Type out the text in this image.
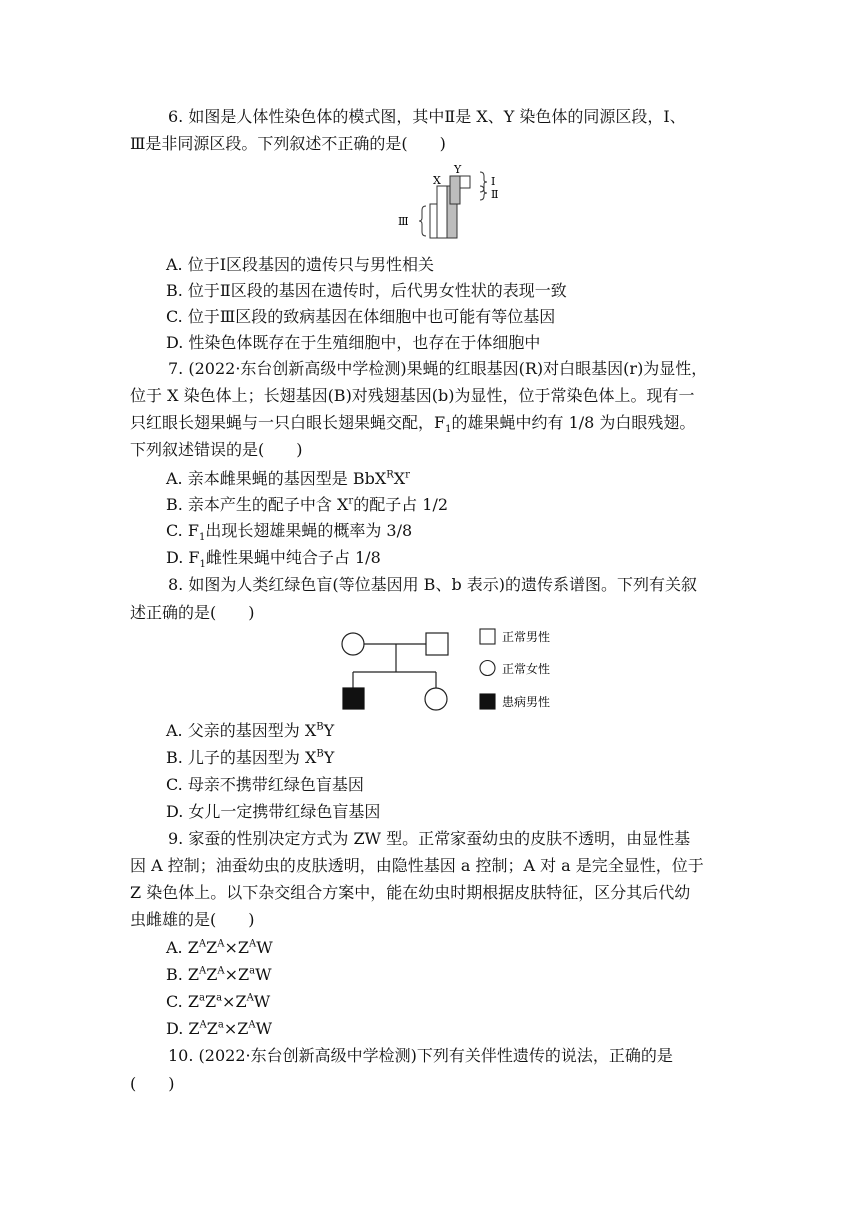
6. 如图是人体性染色体的模式图，其中Ⅱ是 X、Y 染色体的同源区段，Ⅰ、
Ⅲ是非同源区段。下列叙述不正确的是(　　)
X
Y
Ⅰ
Ⅱ
Ⅲ
A. 位于Ⅰ区段基因的遗传只与男性相关
B. 位于Ⅱ区段的基因在遗传时，后代男女性状的表现一致
C. 位于Ⅲ区段的致病基因在体细胞中也可能有等位基因
D. 性染色体既存在于生殖细胞中，也存在于体细胞中
7. (2022·东台创新高级中学检测)果蝇的红眼基因(R)对白眼基因(r)为显性，
位于 X 染色体上；长翅基因(B)对残翅基因(b)为显性，位于常染色体上。现有一
只红眼长翅果蝇与一只白眼长翅果蝇交配，$F_1$的雄果蝇中约有 1/8 为白眼残翅。
下列叙述错误的是(　　)
A. 亲本雌果蝇的基因型是 $BbX^RX^r$
B. 亲本产生的配子中含 $X^r$的配子占 1/2
C. $F_1$出现长翅雄果蝇的概率为 3/8
D. $F_1$雌性果蝇中纯合子占 1/8
8. 如图为人类红绿色盲(等位基因用 B、b 表示)的遗传系谱图。下列有关叙
述正确的是(　　)
正常男性
正常女性
患病男性
A. 父亲的基因型为 $X^BY$
B. 儿子的基因型为 $X^BY$
C. 母亲不携带红绿色盲基因
D. 女儿一定携带红绿色盲基因
9. 家蚕的性别决定方式为 ZW 型。正常家蚕幼虫的皮肤不透明，由显性基
因 A 控制；油蚕幼虫的皮肤透明，由隐性基因 a 控制；A 对 a 是完全显性，位于
Z 染色体上。以下杂交组合方案中，能在幼虫时期根据皮肤特征，区分其后代幼
虫雌雄的是(　　)
A. $Z^AZ^A\times Z^AW$
B. $Z^AZ^A\times Z^aW$
C. $Z^aZ^a\times Z^AW$
D. $Z^AZ^a\times Z^AW$
10. (2022·东台创新高级中学检测)下列有关伴性遗传的说法，正确的是
(　　)
